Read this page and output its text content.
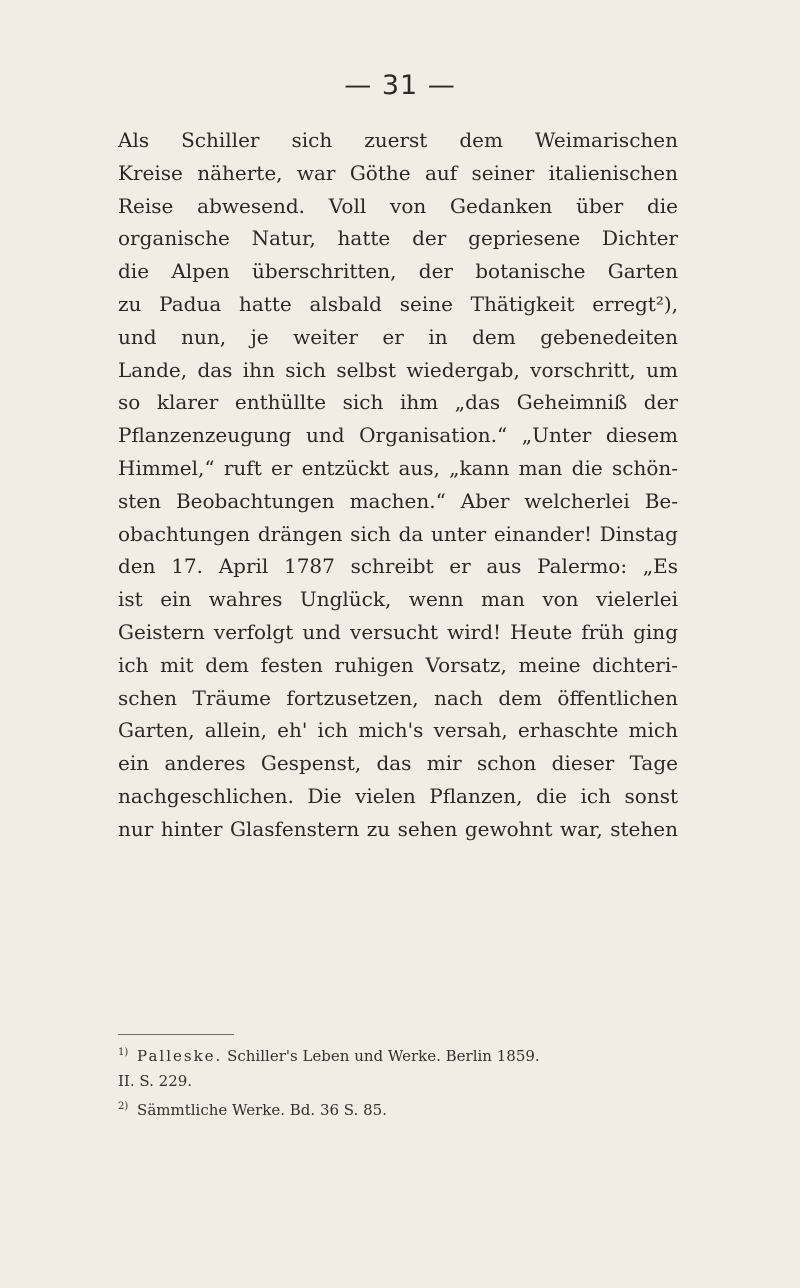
— 31 —
Als Schiller sich zuerst dem Weimarischen
Kreise näherte, war Göthe auf seiner italienischen
Reise abwesend. Voll von Gedanken über die
organische Natur, hatte der gepriesene Dichter
die Alpen überschritten, der botanische Garten
zu Padua hatte alsbald seine Thätigkeit erregt²),
und nun, je weiter er in dem gebenedeiten
Lande, das ihn sich selbst wiedergab, vorschritt, um
so klarer enthüllte sich ihm „das Geheimniß der
Pflanzenzeugung und Organisation.“ „Unter diesem
Himmel,“ ruft er entzückt aus, „kann man die schön-
sten Beobachtungen machen.“ Aber welcherlei Be-
obachtungen drängen sich da unter einander! Dinstag
den 17. April 1787 schreibt er aus Palermo: „Es
ist ein wahres Unglück, wenn man von vielerlei
Geistern verfolgt und versucht wird! Heute früh ging
ich mit dem festen ruhigen Vorsatz, meine dichteri-
schen Träume fortzusetzen, nach dem öffentlichen
Garten, allein, eh' ich mich's versah, erhaschte mich
ein anderes Gespenst, das mir schon dieser Tage
nachgeschlichen. Die vielen Pflanzen, die ich sonst
nur hinter Glasfenstern zu sehen gewohnt war, stehen
$^{1)}$ Palleske. Schiller's Leben und Werke. Berlin 1859.
II. S. 229.
$^{2)}$ Sämmtliche Werke. Bd. 36 S. 85.
